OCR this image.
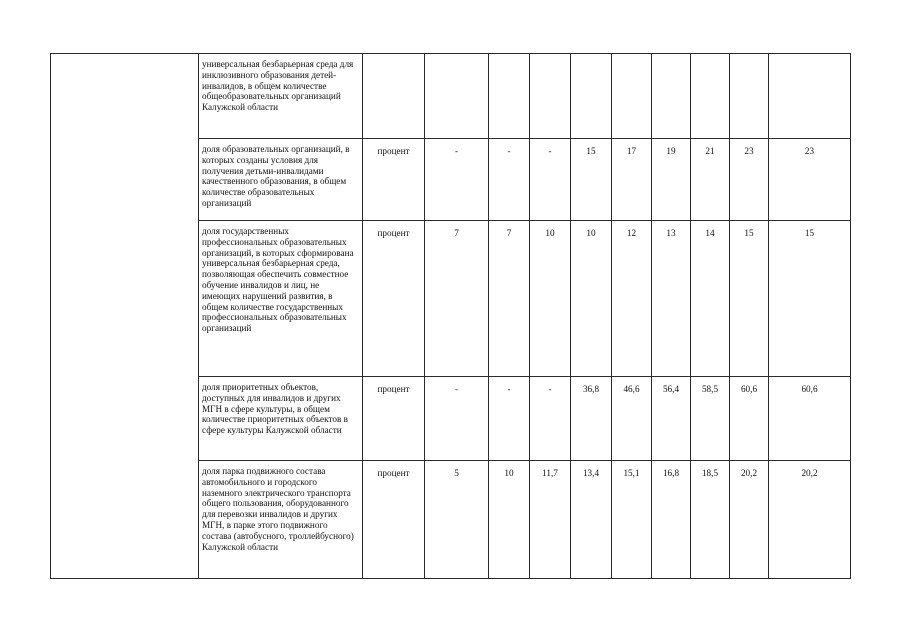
	универсальная безбарьерная среда для инклюзивного образования детей-инвалидов, в общем количестве общеобразовательных организаций Калужской области										
	доля образовательных организаций, в которых созданы условия для получения детьми-инвалидами качественного образования, в общем количестве образовательных организаций	процент	-	-	-	15	17	19	21	23	23
	доля государственных профессиональных образовательных организаций, в которых сформирована универсальная безбарьерная среда, позволяющая обеспечить совместное обучение инвалидов и лиц, не имеющих нарушений развития, в общем количестве государственных профессиональных образовательных организаций	процент	7	7	10	10	12	13	14	15	15
	доля приоритетных объектов, доступных для инвалидов и других МГН в сфере культуры, в общем количестве приоритетных объектов в сфере культуры Калужской области	процент	-	-	-	36,8	46,6	56,4	58,5	60,6	60,6
	доля парка подвижного состава автомобильного и городского наземного электрического транспорта общего пользования, оборудованного для перевозки инвалидов и других МГН, в парке этого подвижного состава (автобусного, троллейбусного) Калужской области	процент	5	10	11,7	13,4	15,1	16,8	18,5	20,2	20,2
